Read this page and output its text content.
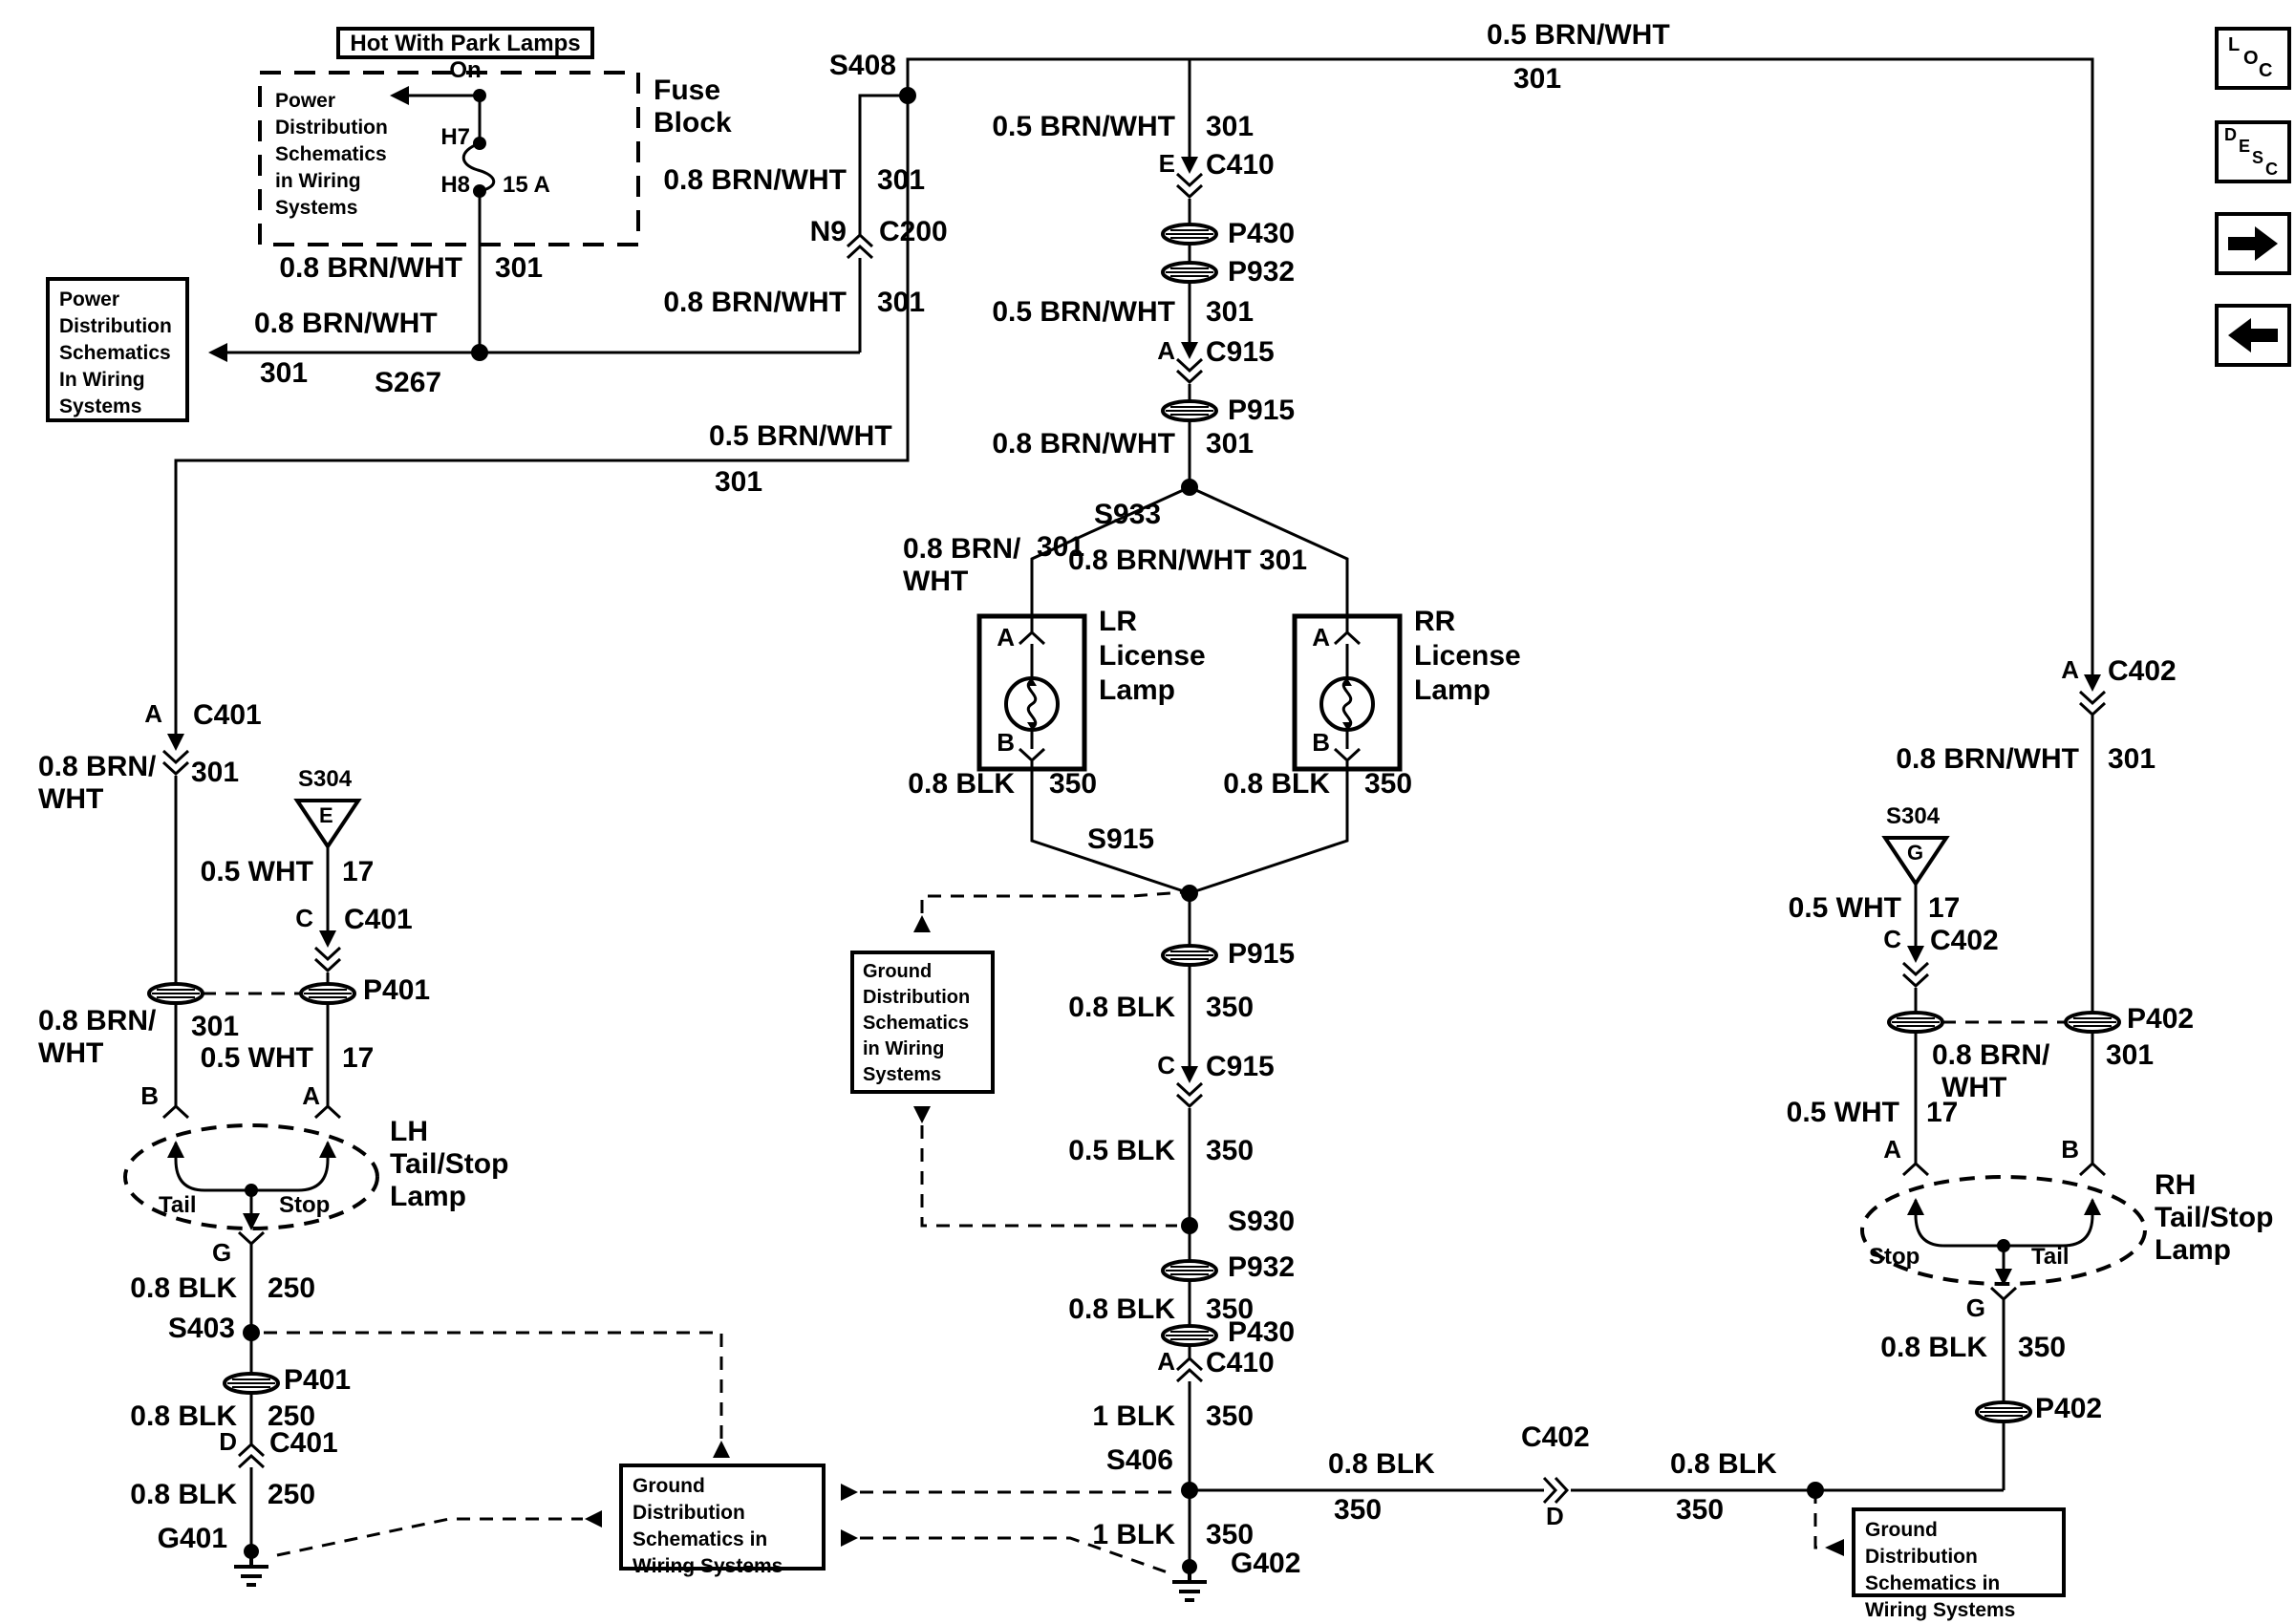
Hot With Park Lamps On
Power
Distribution
Schematics
in Wiring
Systems
Power
Distribution
Schematics
In Wiring
Systems
Ground
Distribution
Schematics
in Wiring
Systems
Ground Distribution
Schematics in
Wiring Systems
Ground Distribution
Schematics in
Wiring Systems
L
O
C
D
E
S
C
Fuse
Block
H7
H8 15 A
0.8 BRN/WHT 301
0.8 BRN/WHT
301 S267
0.8 BRN/WHT 301
N9 C200
0.8 BRN/WHT 301
S408
0.5 BRN/WHT
301
0.5 BRN/WHT
301
0.5 BRN/WHT 301
E C410
P430
P932
0.5 BRN/WHT 301
A C915
P915
0.8 BRN/WHT 301
S933
0.8 BRN/
WHT
301
0.8 BRN/WHT 301
LR
License
Lamp
RR
License
Lamp
A
B
A
B
0.8 BLK 350	0.8 BLK 350
S915
P915
0.8 BLK 350
C C915
0.5 BLK 350
S930
P932
0.8 BLK 350
P430
A C410
1 BLK 350
S406
1 BLK 350
G402
0.8 BLK
350
C402
D
0.8 BLK
350
A C402
0.8 BRN/WHT 301
S304
G
0.5 WHT 17
C C402
P402
0.8 BRN/
WHT
301
0.5 WHT 17
A	B
RH
Tail/Stop
Lamp
Stop	Tail
G
0.8 BLK 350
P402
A C401
0.8 BRN/
WHT
301	S304
E
0.5 WHT 17
C C401
P401
0.8 BRN/
WHT
301
0.5 WHT 17
B	A
LH
Tail/Stop
Lamp
Tail	Stop
G
0.8 BLK 250
S403
P401
0.8 BLK 250
D C401
0.8 BLK 250
G401
